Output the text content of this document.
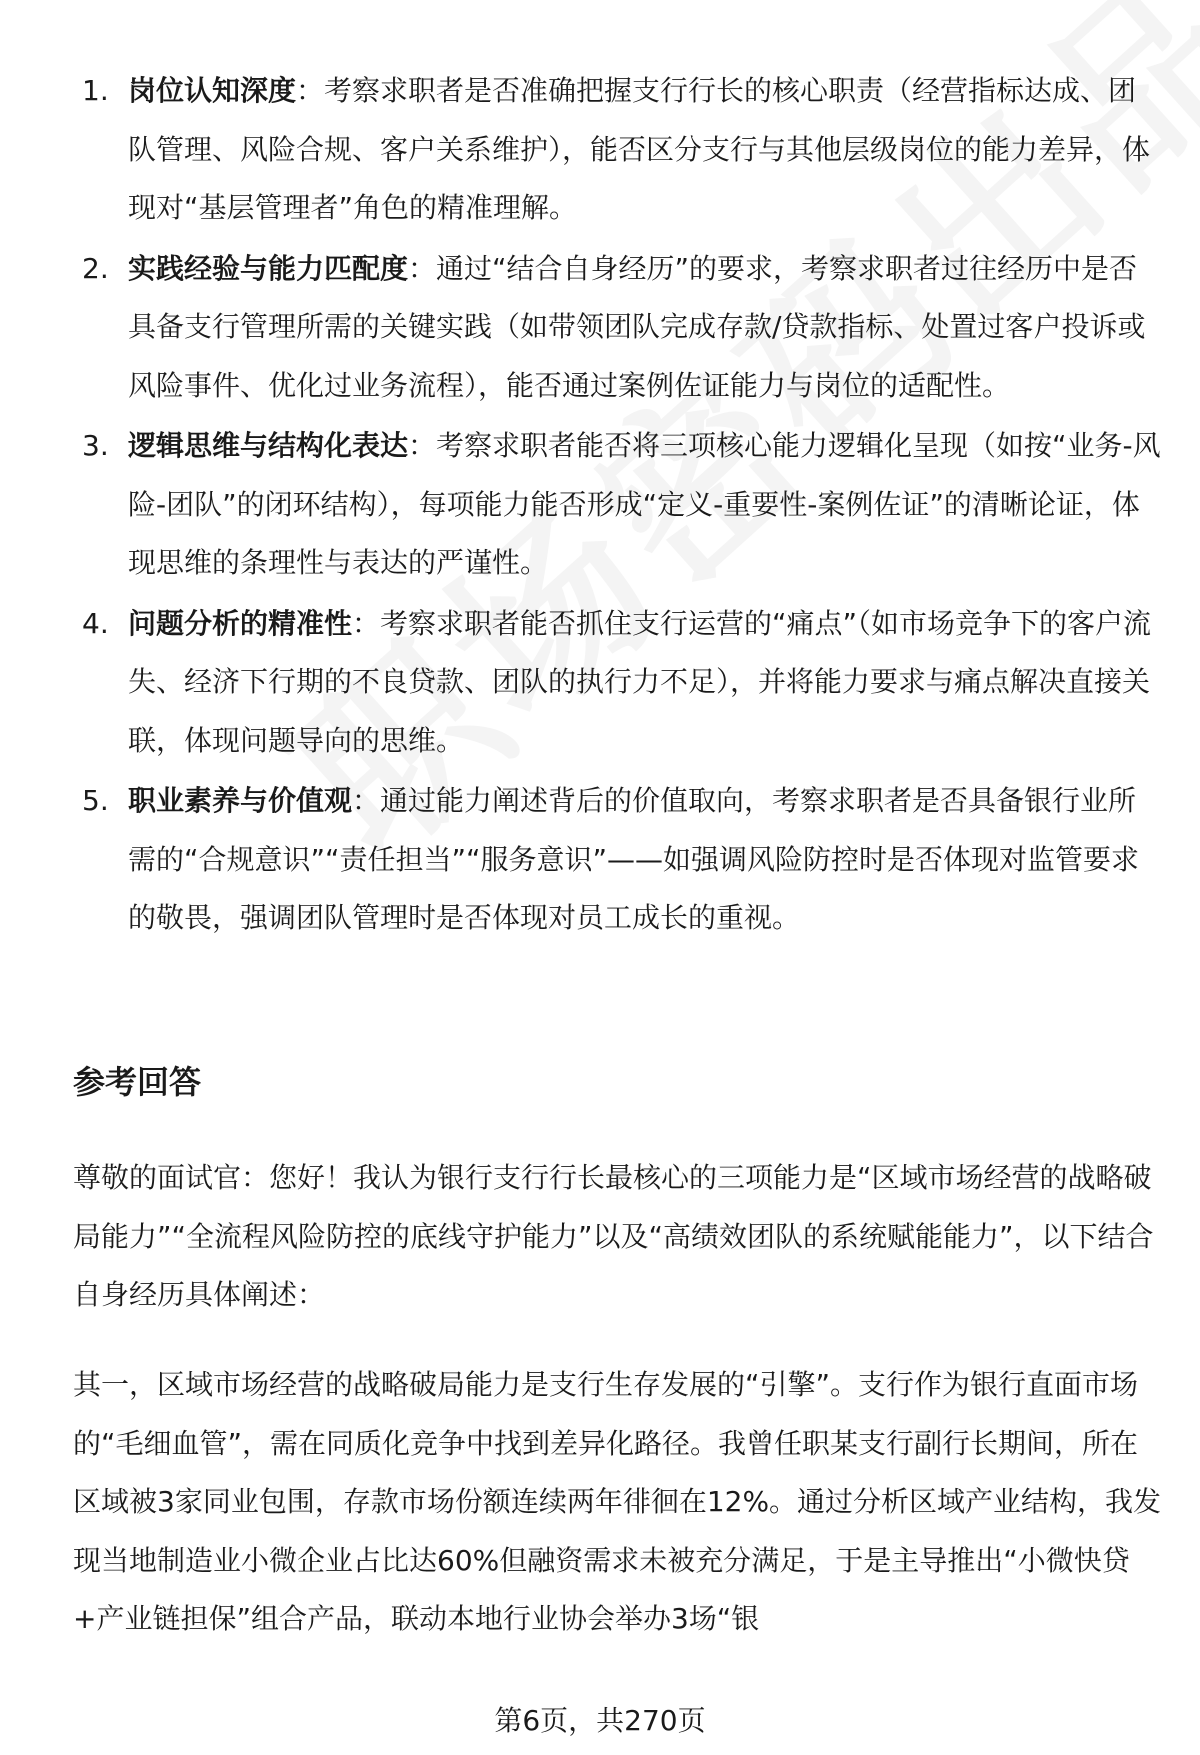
1. 岗位认知深度：考察求职者是否准确把握支行行长的核心职责（经营指标达成、团队管理、风险合规、客户关系维护），能否区分支行与其他层级岗位的能力差异，体现对“基层管理者”角色的精准理解。
2. 实践经验与能力匹配度：通过“结合自身经历”的要求，考察求职者过往经历中是否具备支行管理所需的关键实践（如带领团队完成存款/贷款指标、处置过客户投诉或风险事件、优化过业务流程），能否通过案例佐证能力与岗位的适配性。
3. 逻辑思维与结构化表达：考察求职者能否将三项核心能力逻辑化呈现（如按“业务-风险-团队”的闭环结构），每项能力能否形成“定义-重要性-案例佐证”的清晰论证，体现思维的条理性与表达的严谨性。
4. 问题分析的精准性：考察求职者能否抓住支行运营的“痛点”（如市场竞争下的客户流失、经济下行期的不良贷款、团队的执行力不足），并将能力要求与痛点解决直接关联，体现问题导向的思维。
5. 职业素养与价值观：通过能力阐述背后的价值取向，考察求职者是否具备银行业所需的“合规意识”“责任担当”“服务意识”——如强调风险防控时是否体现对监管要求的敬畏，强调团队管理时是否体现对员工成长的重视。
参考回答

尊敬的面试官：您好！我认为银行支行行长最核心的三项能力是“区域市场经营的战略破局能力”“全流程风险防控的底线守护能力”以及“高绩效团队的系统赋能能力”，以下结合自身经历具体阐述：

其一，区域市场经营的战略破局能力是支行生存发展的“引擎”。支行作为银行直面市场的“毛细血管”，需在同质化竞争中找到差异化路径。我曾任职某支行副行长期间，所在区域被3家同业包围，存款市场份额连续两年徘徊在12%。通过分析区域产业结构，我发现当地制造业小微企业占比达60%但融资需求未被充分满足，于是主导推出“小微快贷+产业链担保”组合产品，联动本地行业协会举办3场“银

第6页，共270页
